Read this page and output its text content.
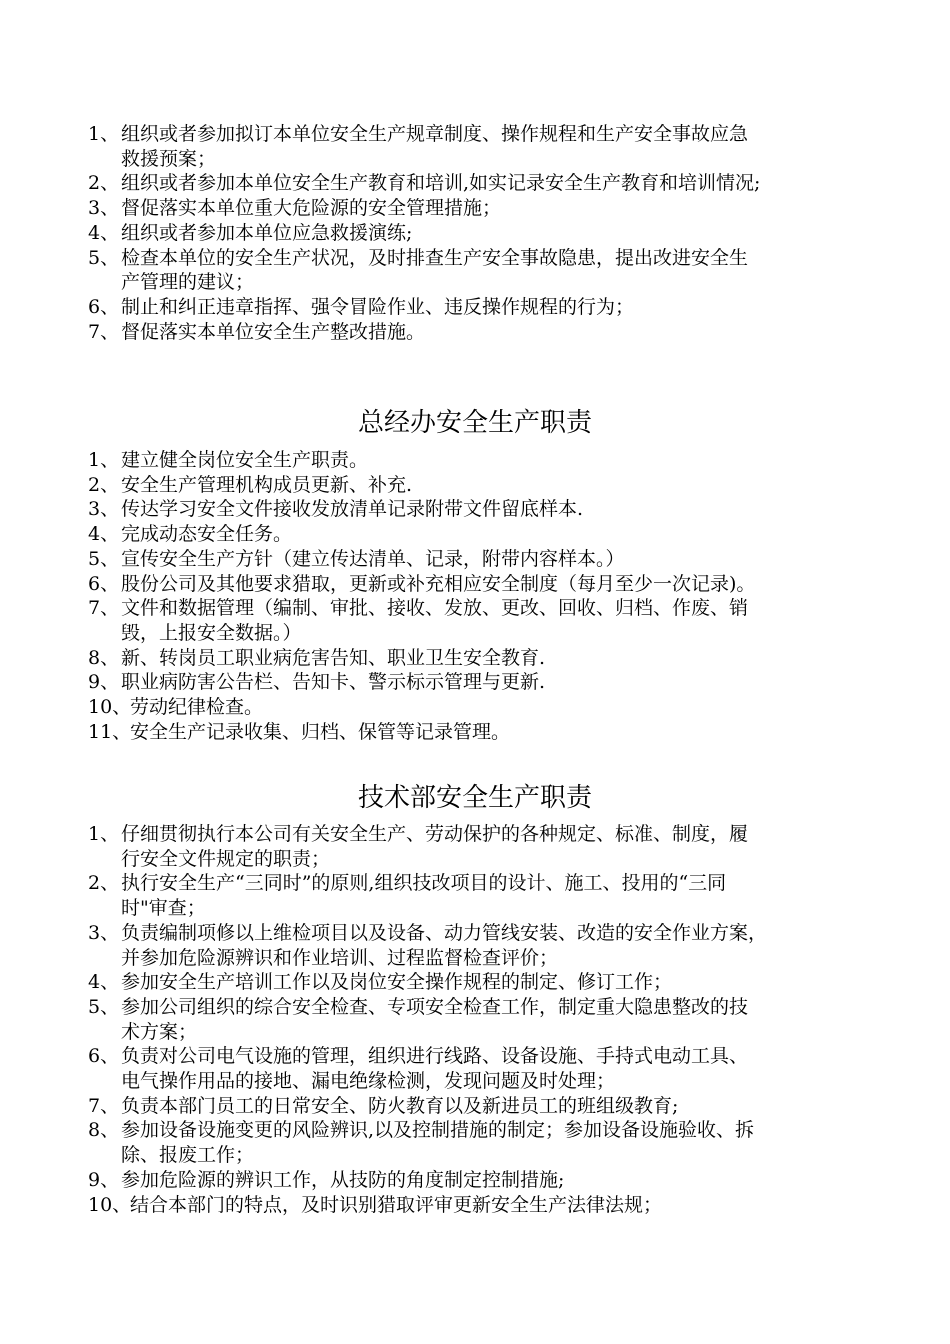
1、 组织或者参加拟订本单位安全生产规章制度、操作规程和生产安全事故应急
救援预案；
2、 组织或者参加本单位安全生产教育和培训,如实记录安全生产教育和培训情况;
3、 督促落实本单位重大危险源的安全管理措施；
4、 组织或者参加本单位应急救援演练;
5、 检查本单位的安全生产状况，及时排查生产安全事故隐患，提出改进安全生
产管理的建议；
6、 制止和纠正违章指挥、强令冒险作业、违反操作规程的行为；
7、 督促落实本单位安全生产整改措施。
总经办安全生产职责
1、 建立健全岗位安全生产职责。
2、 安全生产管理机构成员更新、补充.
3、 传达学习安全文件接收发放清单记录附带文件留底样本.
4、 完成动态安全任务。
5、 宣传安全生产方针（建立传达清单、记录，附带内容样本。）
6、 股份公司及其他要求猎取，更新或补充相应安全制度（每月至少一次记录)。
7、 文件和数据管理（编制、审批、接收、发放、更改、回收、归档、作废、销
毁，上报安全数据。）
8、 新、转岗员工职业病危害告知、职业卫生安全教育.
9、 职业病防害公告栏、告知卡、警示标示管理与更新.
10、
劳动纪律检查。
11、
安全生产记录收集、归档、保管等记录管理。
技术部安全生产职责
1、 仔细贯彻执行本公司有关安全生产、劳动保护的各种规定、标准、制度，履
行安全文件规定的职责；
2、 执行安全生产“三同时”的原则,组织技改项目的设计、施工、投用的“三同
时"审查；
3、 负责编制项修以上维检项目以及设备、动力管线安装、改造的安全作业方案，
并参加危险源辨识和作业培训、过程监督检查评价；
4、 参加安全生产培训工作以及岗位安全操作规程的制定、修订工作；
5、 参加公司组织的综合安全检查、专项安全检查工作，制定重大隐患整改的技
术方案；
6、 负责对公司电气设施的管理，组织进行线路、设备设施、手持式电动工具、
电气操作用品的接地、漏电绝缘检测，发现问题及时处理；
7、 负责本部门员工的日常安全、防火教育以及新进员工的班组级教育;
8、 参加设备设施变更的风险辨识,以及控制措施的制定；参加设备设施验收、拆
除、报废工作；
9、 参加危险源的辨识工作，从技防的角度制定控制措施;
10、
结合本部门的特点，及时识别猎取评审更新安全生产法律法规；
